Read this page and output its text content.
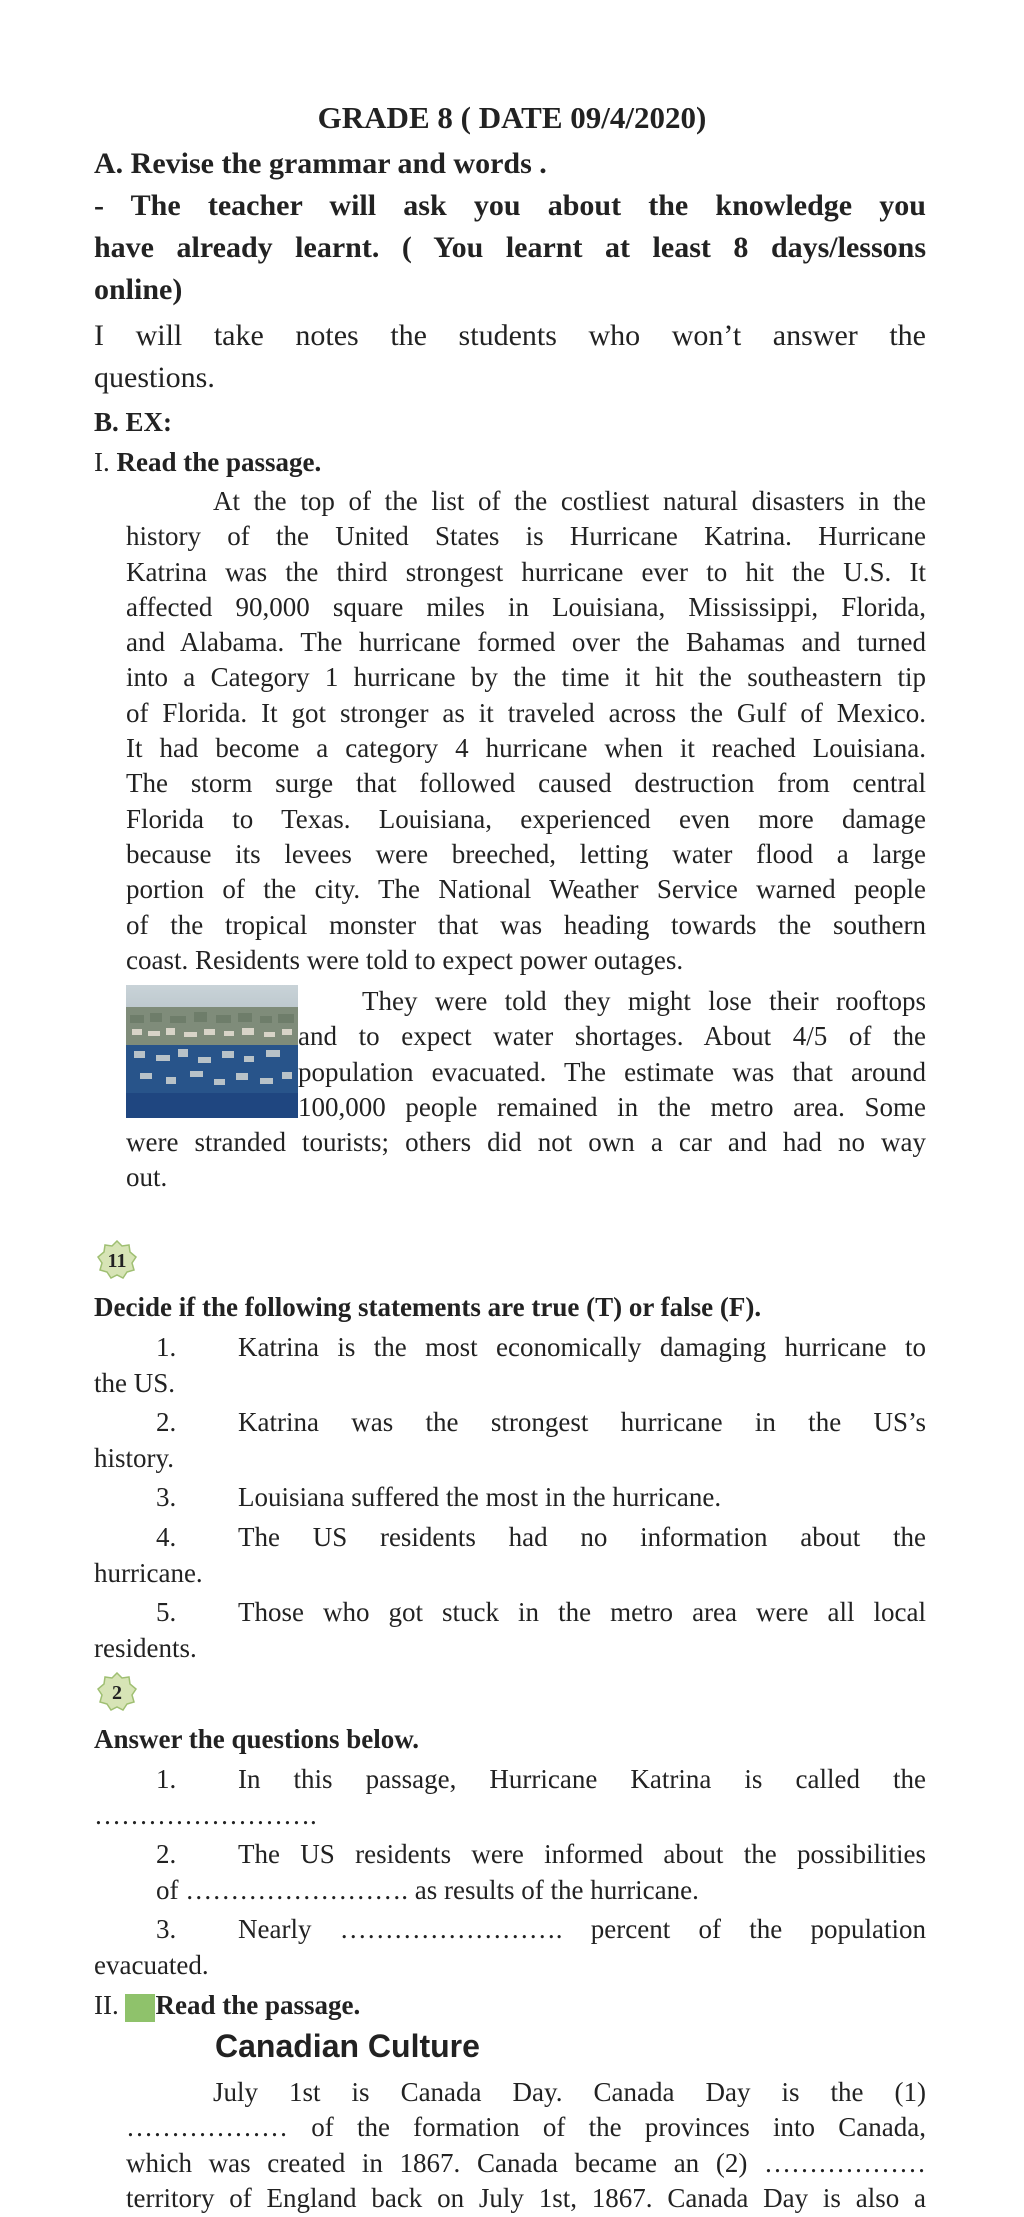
GRADE 8 ( DATE 09/4/2020)
A. Revise the grammar and words .
- The teacher will ask you about the knowledge you
have already learnt. ( You learnt at least 8 days/lessons
online)
I will take notes the students who won’t answer the
questions.
B. EX:
I. Read the passage.
At the top of the list of the costliest natural disasters in the
history of the United States is Hurricane Katrina. Hurricane
Katrina was the third strongest hurricane ever to hit the U.S. It
affected 90,000 square miles in Louisiana, Mississippi, Florida,
and Alabama. The hurricane formed over the Bahamas and turned
into a Category 1 hurricane by the time it hit the southeastern tip
of Florida. It got stronger as it traveled across the Gulf of Mexico.
It had become a category 4 hurricane when it reached Louisiana.
The storm surge that followed caused destruction from central
Florida to Texas. Louisiana, experienced even more damage
because its levees were breeched, letting water flood a large
portion of the city. The National Weather Service warned people
of the tropical monster that was heading towards the southern
coast. Residents were told to expect power outages.
They were told they might lose their rooftops
and to expect water shortages. About 4/5 of the
population evacuated. The estimate was that around
100,000 people remained in the metro area. Some
were stranded tourists; others did not own a car and had no way
out.
11
Decide if the following statements are true (T) or false (F).
1. Katrina is the most economically damaging hurricane to
the US.
2. Katrina was the strongest hurricane in the US’s
history.
3. Louisiana suffered the most in the hurricane.
4. The US residents had no information about the
hurricane.
5. Those who got stuck in the metro area were all local
residents.
2
Answer the questions below.
1. In this passage, Hurricane Katrina is called the
…………………….
2. The US residents were informed about the possibilities
of ……………………. as results of the hurricane.
3. Nearly ……………………. percent of the population
evacuated.
II. Read the passage.
Canadian Culture
July 1st is Canada Day. Canada Day is the (1)
……………… of the formation of the provinces into Canada,
which was created in 1867. Canada became an (2) ………………
territory of England back on July 1st, 1867. Canada Day is also a
